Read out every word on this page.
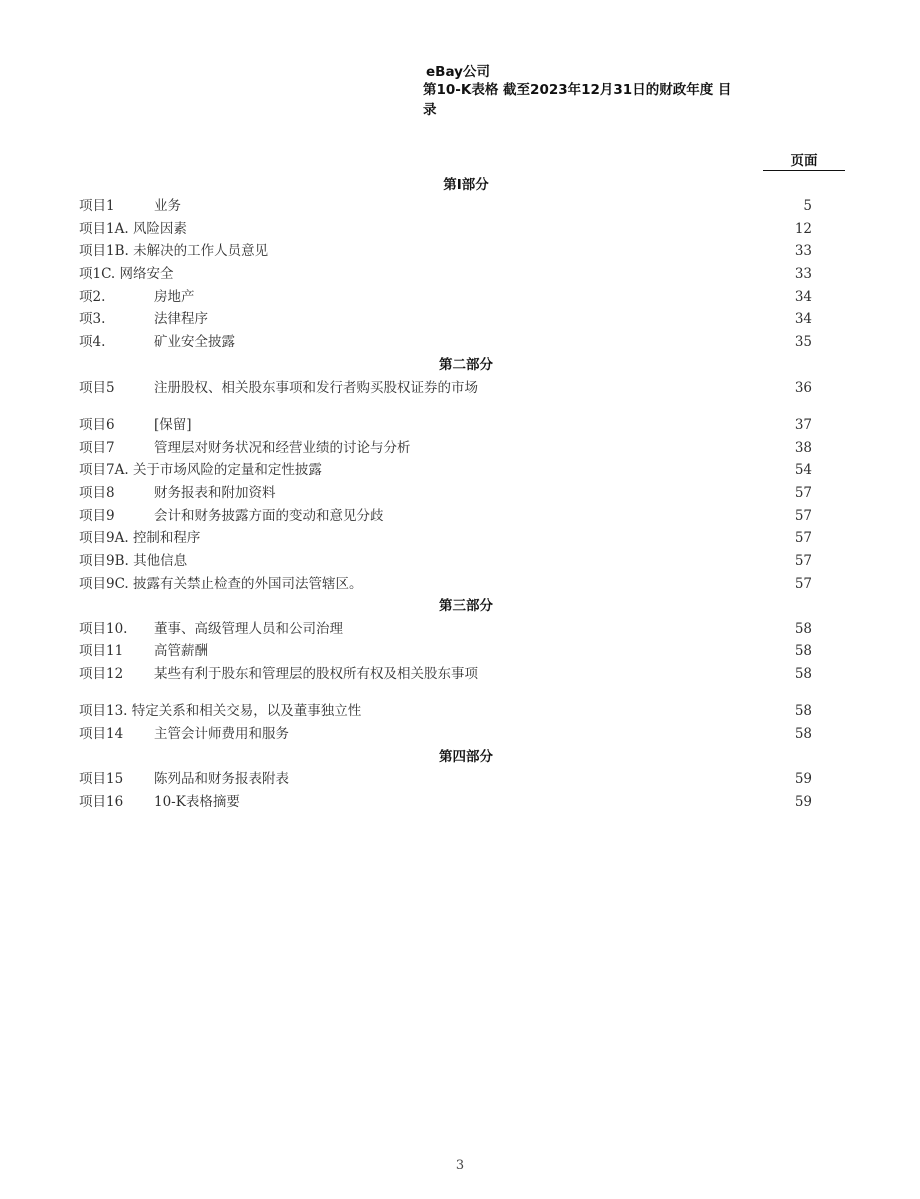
eBay公司
第10-K表格 截至2023年12月31日的财政年度 目
录
页面
第I部分
项目1	业务	5
项目1A. 风险因素	12
项目1B. 未解决的工作人员意见	33
项1C. 网络安全	33
项2.	房地产	34
项3.	法律程序	34
项4.	矿业安全披露	35
第二部分
项目5	注册股权、相关股东事项和发行者购买股权证券的市场	36
项目6	[保留]	37
项目7	管理层对财务状况和经营业绩的讨论与分析	38
项目7A. 关于市场风险的定量和定性披露	54
项目8	财务报表和附加资料	57
项目9	会计和财务披露方面的变动和意见分歧	57
项目9A. 控制和程序	57
项目9B. 其他信息	57
项目9C. 披露有关禁止检查的外国司法管辖区。	57
第三部分
项目10. 董事、高级管理人员和公司治理	58
项目11 高管薪酬	58
项目12 某些有利于股东和管理层的股权所有权及相关股东事项	58
项目13. 特定关系和相关交易，以及董事独立性	58
项目14 主管会计师费用和服务	58
第四部分
项目15 陈列品和财务报表附表	59
项目16 10-K表格摘要	59
3
